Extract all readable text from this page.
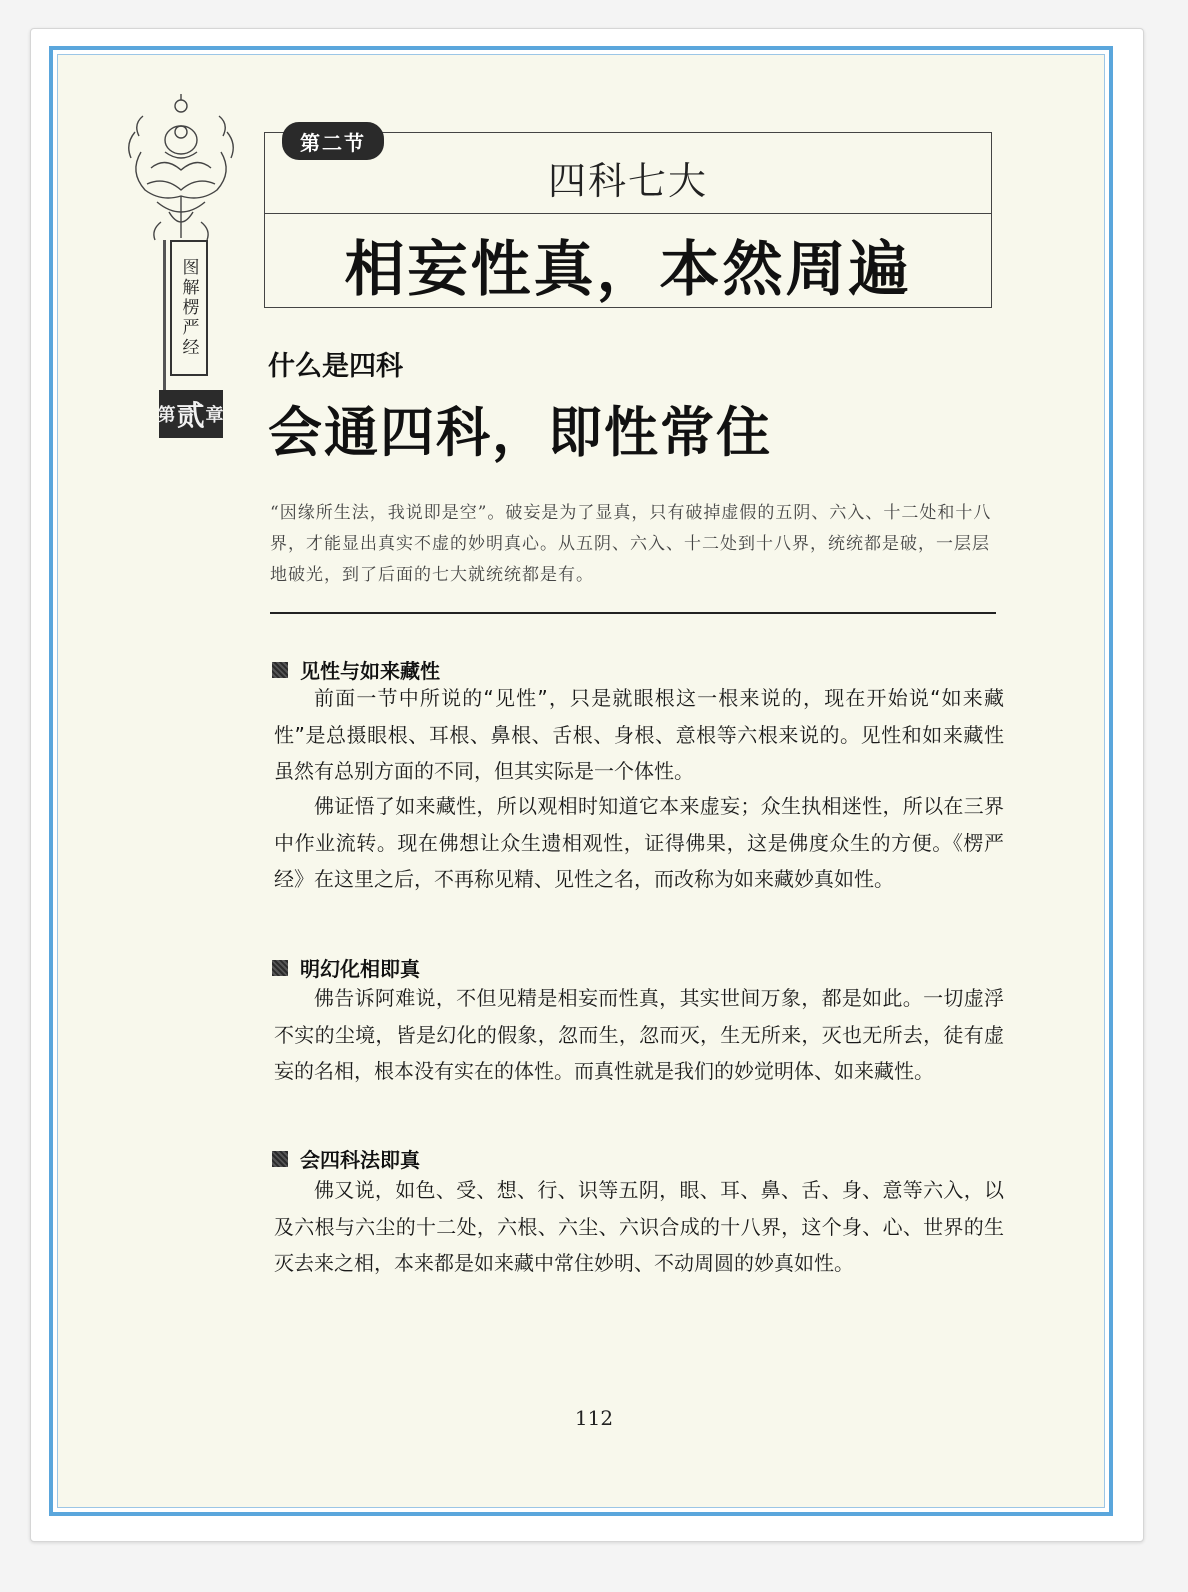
图解楞严经
第 贰 章
第二节
四科七大
相妄性真，本然周遍
什么是四科
会通四科，即性常住
“因缘所生法，我说即是空”。破妄是为了显真，只有破掉虚假的五阴、六入、十二处和十八界，才能显出真实不虚的妙明真心。从五阴、六入、十二处到十八界，统统都是破，一层层地破光，到了后面的七大就统统都是有。
见性与如来藏性
前面一节中所说的“见性”，只是就眼根这一根来说的，现在开始说“如来藏性”是总摄眼根、耳根、鼻根、舌根、身根、意根等六根来说的。见性和如来藏性虽然有总别方面的不同，但其实际是一个体性。
佛证悟了如来藏性，所以观相时知道它本来虚妄；众生执相迷性，所以在三界中作业流转。现在佛想让众生遗相观性，证得佛果，这是佛度众生的方便。《楞严经》在这里之后，不再称见精、见性之名，而改称为如来藏妙真如性。
明幻化相即真
佛告诉阿难说，不但见精是相妄而性真，其实世间万象，都是如此。一切虚浮不实的尘境，皆是幻化的假象，忽而生，忽而灭，生无所来，灭也无所去，徒有虚妄的名相，根本没有实在的体性。而真性就是我们的妙觉明体、如来藏性。
会四科法即真
佛又说，如色、受、想、行、识等五阴，眼、耳、鼻、舌、身、意等六入，以及六根与六尘的十二处，六根、六尘、六识合成的十八界，这个身、心、世界的生灭去来之相，本来都是如来藏中常住妙明、不动周圆的妙真如性。
112
